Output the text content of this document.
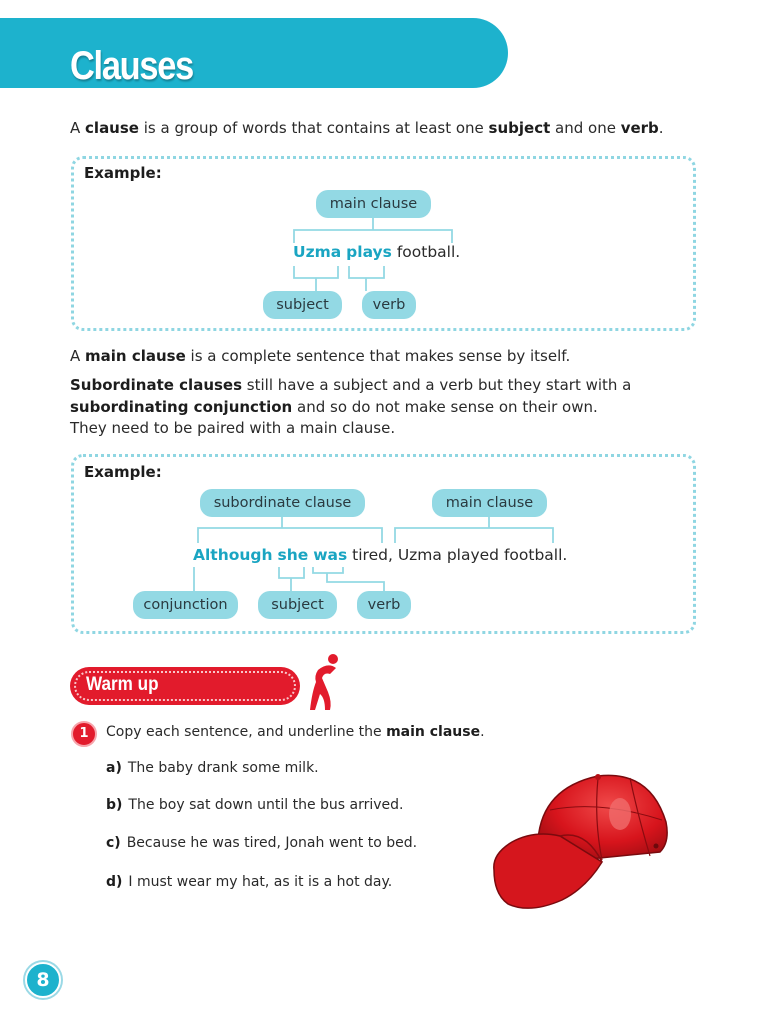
Clauses
A clause is a group of words that contains at least one subject and one verb.
Example:
main clause
Uzma plays football.
subject	verb
A main clause is a complete sentence that makes sense by itself.
Subordinate clauses still have a subject and a verb but they start with a
subordinating conjunction and so do not make sense on their own.
They need to be paired with a main clause.
Example:
subordinate clause	main clause
Although she was tired, Uzma played football.
conjunction	subject	verb
Warm up
1	Copy each sentence, and underline the main clause.
a) The baby drank some milk.
b) The boy sat down until the bus arrived.
c) Because he was tired, Jonah went to bed.
d) I must wear my hat, as it is a hot day.
8
